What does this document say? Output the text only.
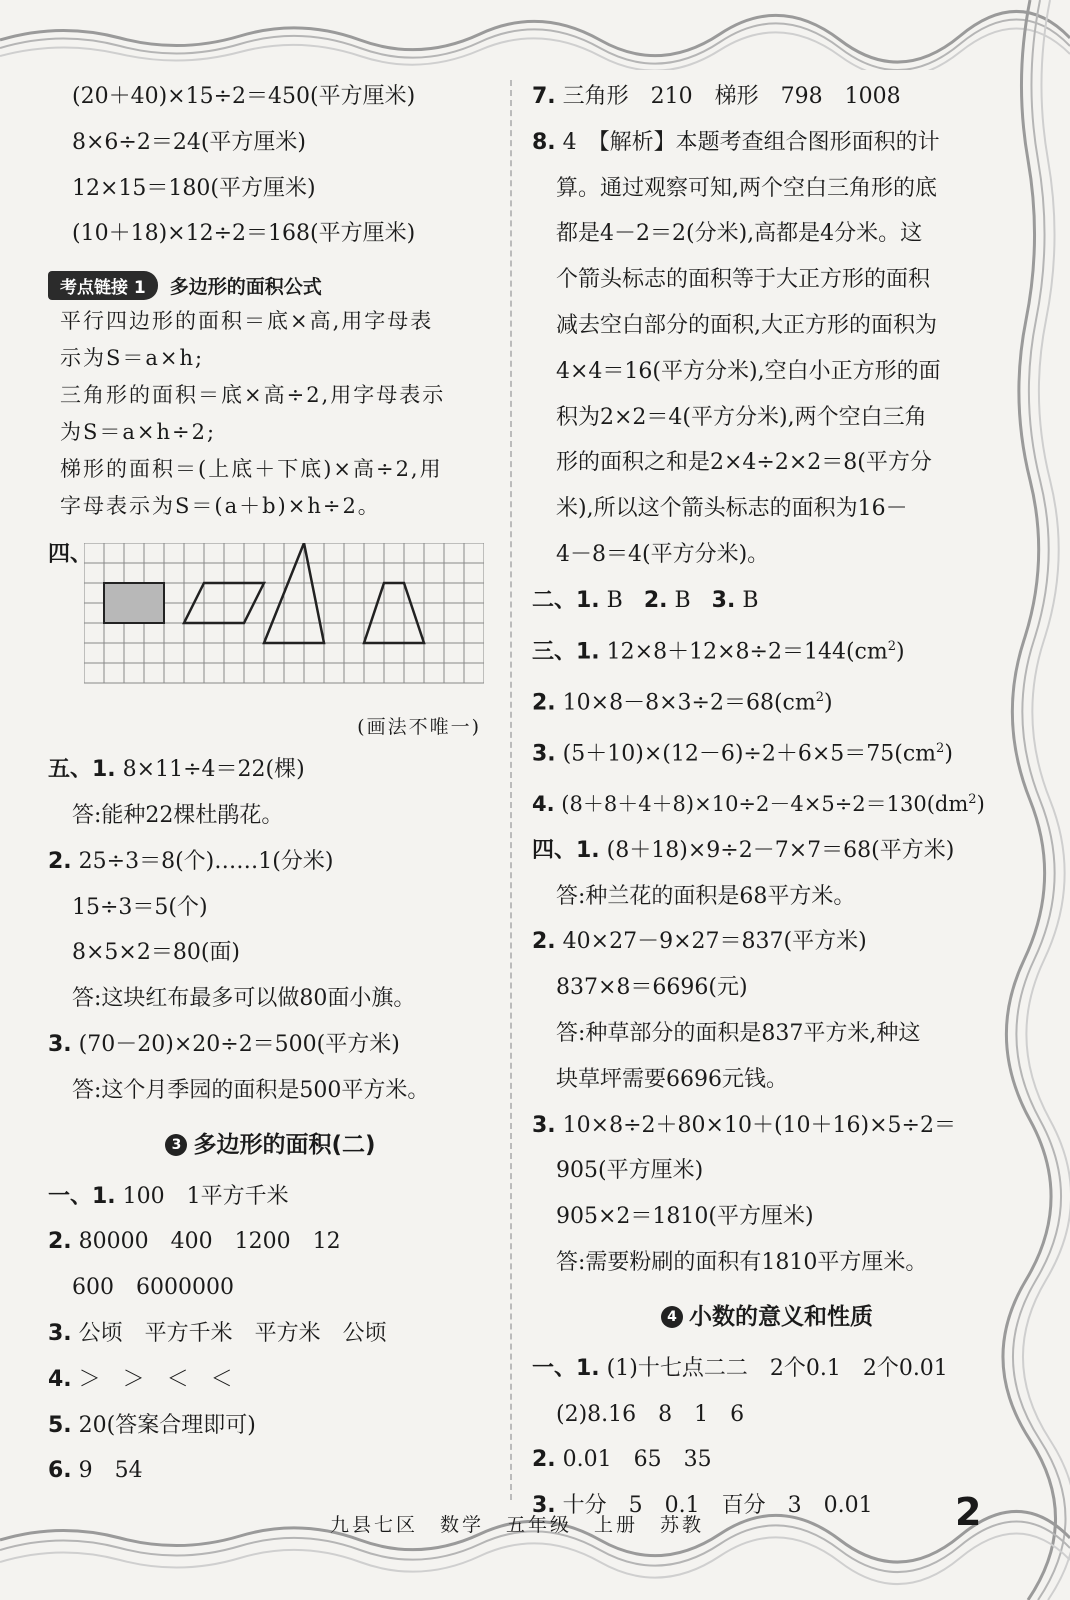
(20＋40)×15÷2＝450(平方厘米)
8×6÷2＝24(平方厘米)
12×15＝180(平方厘米)
(10＋18)×12÷2＝168(平方厘米)
考点链接 1	多边形的面积公式
平行四边形的面积＝底×高,用字母表
示为S＝a×h;
三角形的面积＝底×高÷2,用字母表示
为S＝a×h÷2;
梯形的面积＝(上底＋下底)×高÷2,用
字母表示为S＝(a＋b)×h÷2。
四、
(画法不唯一)
五、1. 8×11÷4＝22(棵)
答:能种22棵杜鹃花。
2. 25÷3＝8(个)……1(分米)
15÷3＝5(个)
8×5×2＝80(面)
答:这块红布最多可以做80面小旗。
3. (70－20)×20÷2＝500(平方米)
答:这个月季园的面积是500平方米。
3 多边形的面积(二)
一、1. 100　1平方千米
2. 80000　400　1200　12
600　6000000
3. 公顷　平方千米　平方米　公顷
4. ＞　＞　＜　＜
5. 20(答案合理即可)
6. 9　54
7. 三角形　210　梯形　798　1008
8. 4　【解析】本题考查组合图形面积的计
算。通过观察可知,两个空白三角形的底
都是4－2＝2(分米),高都是4分米。这
个箭头标志的面积等于大正方形的面积
减去空白部分的面积,大正方形的面积为
4×4＝16(平方分米),空白小正方形的面
积为2×2＝4(平方分米),两个空白三角
形的面积之和是2×4÷2×2＝8(平方分
米),所以这个箭头标志的面积为16－
4－8＝4(平方分米)。
二、1. B 2. B 3. B
三、1. $12\times 8+12\times 8\div 2=144(cm^2)$
2. $10\times 8-8\times 3\div 2=68(cm^2)$
3. $(5+10)\times(12-6)\div 2+6\times 5=75(cm^2)$
4. $(8+8+4+8)\times 10\div 2-4\times 5\div 2=130(dm^2)$
四、1. (8＋18)×9÷2－7×7＝68(平方米)
答:种兰花的面积是68平方米。
2. 40×27－9×27＝837(平方米)
837×8＝6696(元)
答:种草部分的面积是837平方米,种这
块草坪需要6696元钱。
3. 10×8÷2＋80×10＋(10＋16)×5÷2＝
905(平方厘米)
905×2＝1810(平方厘米)
答:需要粉刷的面积有1810平方厘米。
4 小数的意义和性质
一、1. (1)十七点二二　2个0.1　2个0.01
(2)8.16　8　1　6
2. 0.01　65　35
3. 十分　5　0.1　百分　3　0.01
九县七区　数学　五年级　上册　苏教	2
